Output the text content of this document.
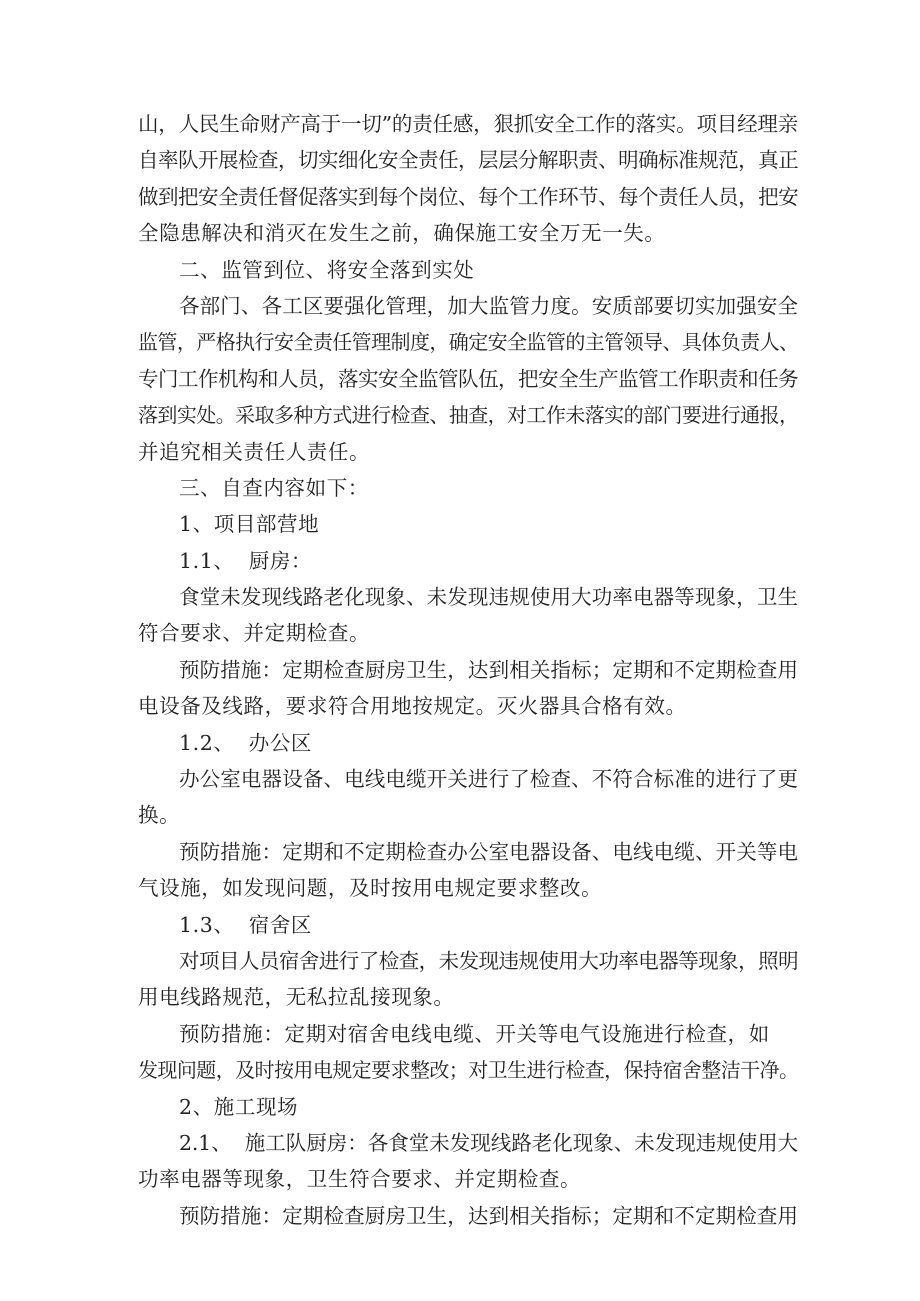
山，人民生命财产高于一切”的责任感，狠抓安全工作的落实。项目经理亲
自率队开展检查，切实细化安全责任，层层分解职责、明确标准规范，真正
做到把安全责任督促落实到每个岗位、每个工作环节、每个责任人员，把安
全隐患解决和消灭在发生之前，确保施工安全万无一失。
二、监管到位、将安全落到实处
各部门、各工区要强化管理，加大监管力度。安质部要切实加强安全
监管，严格执行安全责任管理制度，确定安全监管的主管领导、具体负责人、
专门工作机构和人员，落实安全监管队伍，把安全生产监管工作职责和任务
落到实处。采取多种方式进行检查、抽查，对工作未落实的部门要进行通报，
并追究相关责任人责任。
三、自查内容如下：
1、项目部营地
1.1、  厨房：
食堂未发现线路老化现象、未发现违规使用大功率电器等现象，卫生
符合要求、并定期检查。
预防措施：定期检查厨房卫生，达到相关指标；定期和不定期检查用
电设备及线路，要求符合用地按规定。灭火器具合格有效。
1.2、  办公区
办公室电器设备、电线电缆开关进行了检查、不符合标准的进行了更
换。
预防措施：定期和不定期检查办公室电器设备、电线电缆、开关等电
气设施，如发现问题，及时按用电规定要求整改。
1.3、  宿舍区
对项目人员宿舍进行了检查，未发现违规使用大功率电器等现象，照明
用电线路规范，无私拉乱接现象。
预防措施：定期对宿舍电线电缆、开关等电气设施进行检查，如
发现问题，及时按用电规定要求整改；对卫生进行检查，保持宿舍整洁干净。
2、施工现场
2.1、  施工队厨房：各食堂未发现线路老化现象、未发现违规使用大
功率电器等现象，卫生符合要求、并定期检查。
预防措施：定期检查厨房卫生，达到相关指标；定期和不定期检查用
